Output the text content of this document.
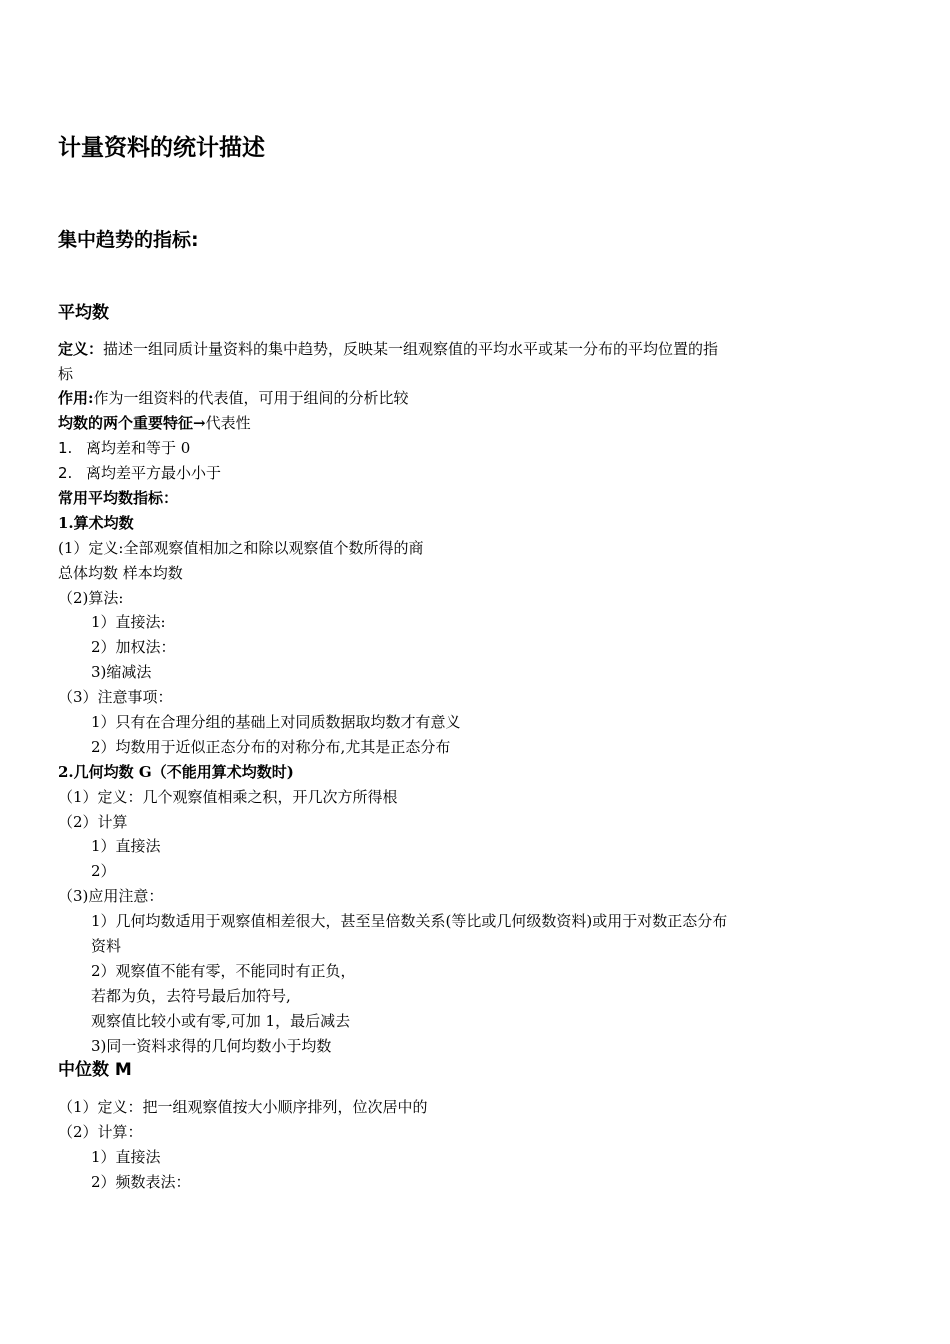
计量资料的统计描述
集中趋势的指标:
平均数
定义：描述一组同质计量资料的集中趋势，反映某一组观察值的平均水平或某一分布的平均位置的指
标
作用:作为一组资料的代表值，可用于组间的分析比较
均数的两个重要特征→代表性
1. 离均差和等于 0
2. 离均差平方最小小于
常用平均数指标：
1.算术均数
(1）定义:全部观察值相加之和除以观察值个数所得的商
总体均数 样本均数
（2)算法:
1）直接法:
2）加权法：
3)缩减法
（3）注意事项：
1）只有在合理分组的基础上对同质数据取均数才有意义
2）均数用于近似正态分布的对称分布,尤其是正态分布
2.几何均数 G（不能用算术均数时)
（1）定义：几个观察值相乘之积，开几次方所得根
（2）计算
1）直接法
2）
（3)应用注意：
1）几何均数适用于观察值相差很大，甚至呈倍数关系(等比或几何级数资料)或用于对数正态分布
资料
2）观察值不能有零，不能同时有正负，
若都为负，去符号最后加符号,
观察值比较小或有零,可加 1，最后减去
3)同一资料求得的几何均数小于均数
中位数 M
（1）定义：把一组观察值按大小顺序排列，位次居中的
（2）计算：
1）直接法
2）频数表法：
